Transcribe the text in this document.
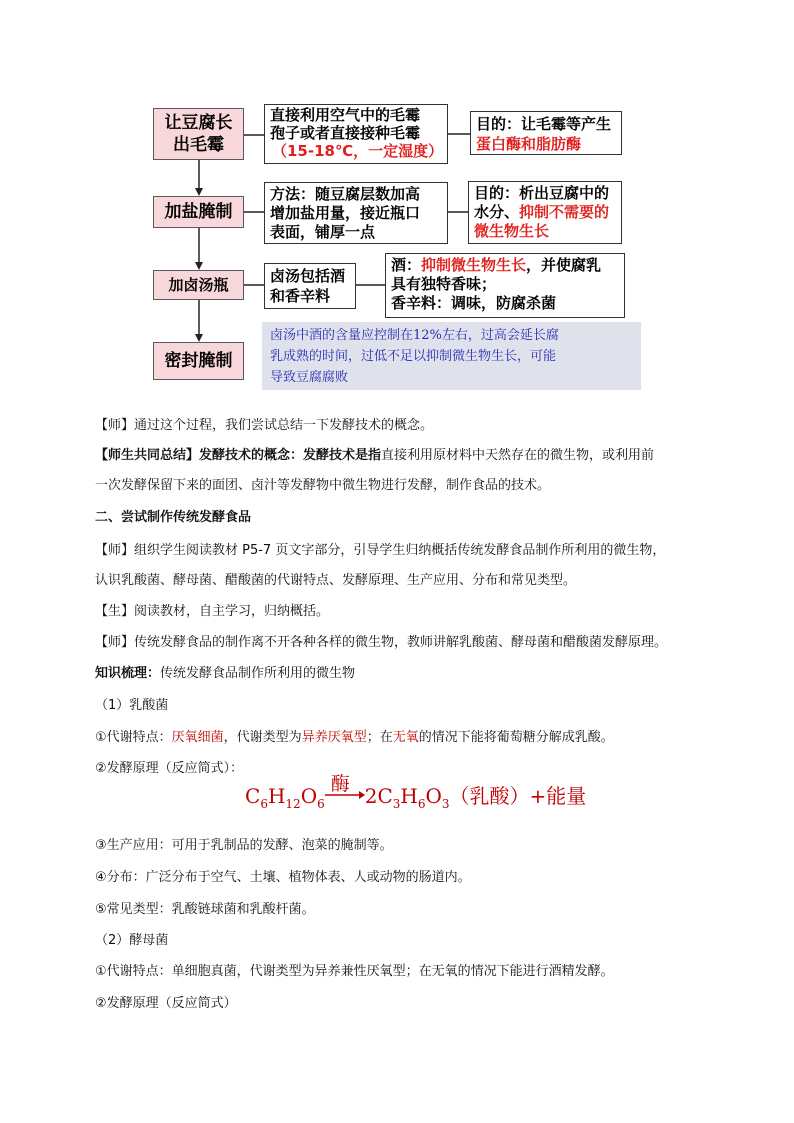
让豆腐长
出毛霉
加盐腌制
加卤汤瓶
密封腌制
直接利用空气中的毛霉
孢子或者直接接种毛霉
（15-18℃，一定湿度）
目的：让毛霉等产生
蛋白酶和脂肪酶
方法：随豆腐层数加高
增加盐用量，接近瓶口
表面，铺厚一点
目的：析出豆腐中的
水分、抑制不需要的
微生物生长
卤汤包括酒
和香辛料
酒：抑制微生物生长，并使腐乳
具有独特香味；
香辛料：调味，防腐杀菌
卤汤中酒的含量应控制在12%左右，过高会延长腐
乳成熟的时间，过低不足以抑制微生物生长，可能
导致豆腐腐败
【师】通过这个过程，我们尝试总结一下发酵技术的概念。
【师生共同总结】发酵技术的概念：发酵技术是指直接利用原材料中天然存在的微生物，或利用前
一次发酵保留下来的面团、卤汁等发酵物中微生物进行发酵，制作食品的技术。
二、尝试制作传统发酵食品
【师】组织学生阅读教材 P5-7 页文字部分，引导学生归纳概括传统发酵食品制作所利用的微生物，
认识乳酸菌、酵母菌、醋酸菌的代谢特点、发酵原理、生产应用、分布和常见类型。
【生】阅读教材，自主学习，归纳概括。
【师】传统发酵食品的制作离不开各种各样的微生物，教师讲解乳酸菌、酵母菌和醋酸菌发酵原理。
知识梳理：传统发酵食品制作所利用的微生物
（1）乳酸菌
①代谢特点：厌氧细菌，代谢类型为异养厌氧型；在无氧的情况下能将葡萄糖分解成乳酸。
②发酵原理（反应简式）：
$C_6H_{12}O_6$
酶 $2C_3H_6O_3$（乳酸）+能量
③生产应用：可用于乳制品的发酵、泡菜的腌制等。
④分布：广泛分布于空气、土壤、植物体表、人或动物的肠道内。
⑤常见类型：乳酸链球菌和乳酸杆菌。
（2）酵母菌
①代谢特点：单细胞真菌，代谢类型为异养兼性厌氧型；在无氧的情况下能进行酒精发酵。
②发酵原理（反应简式）
